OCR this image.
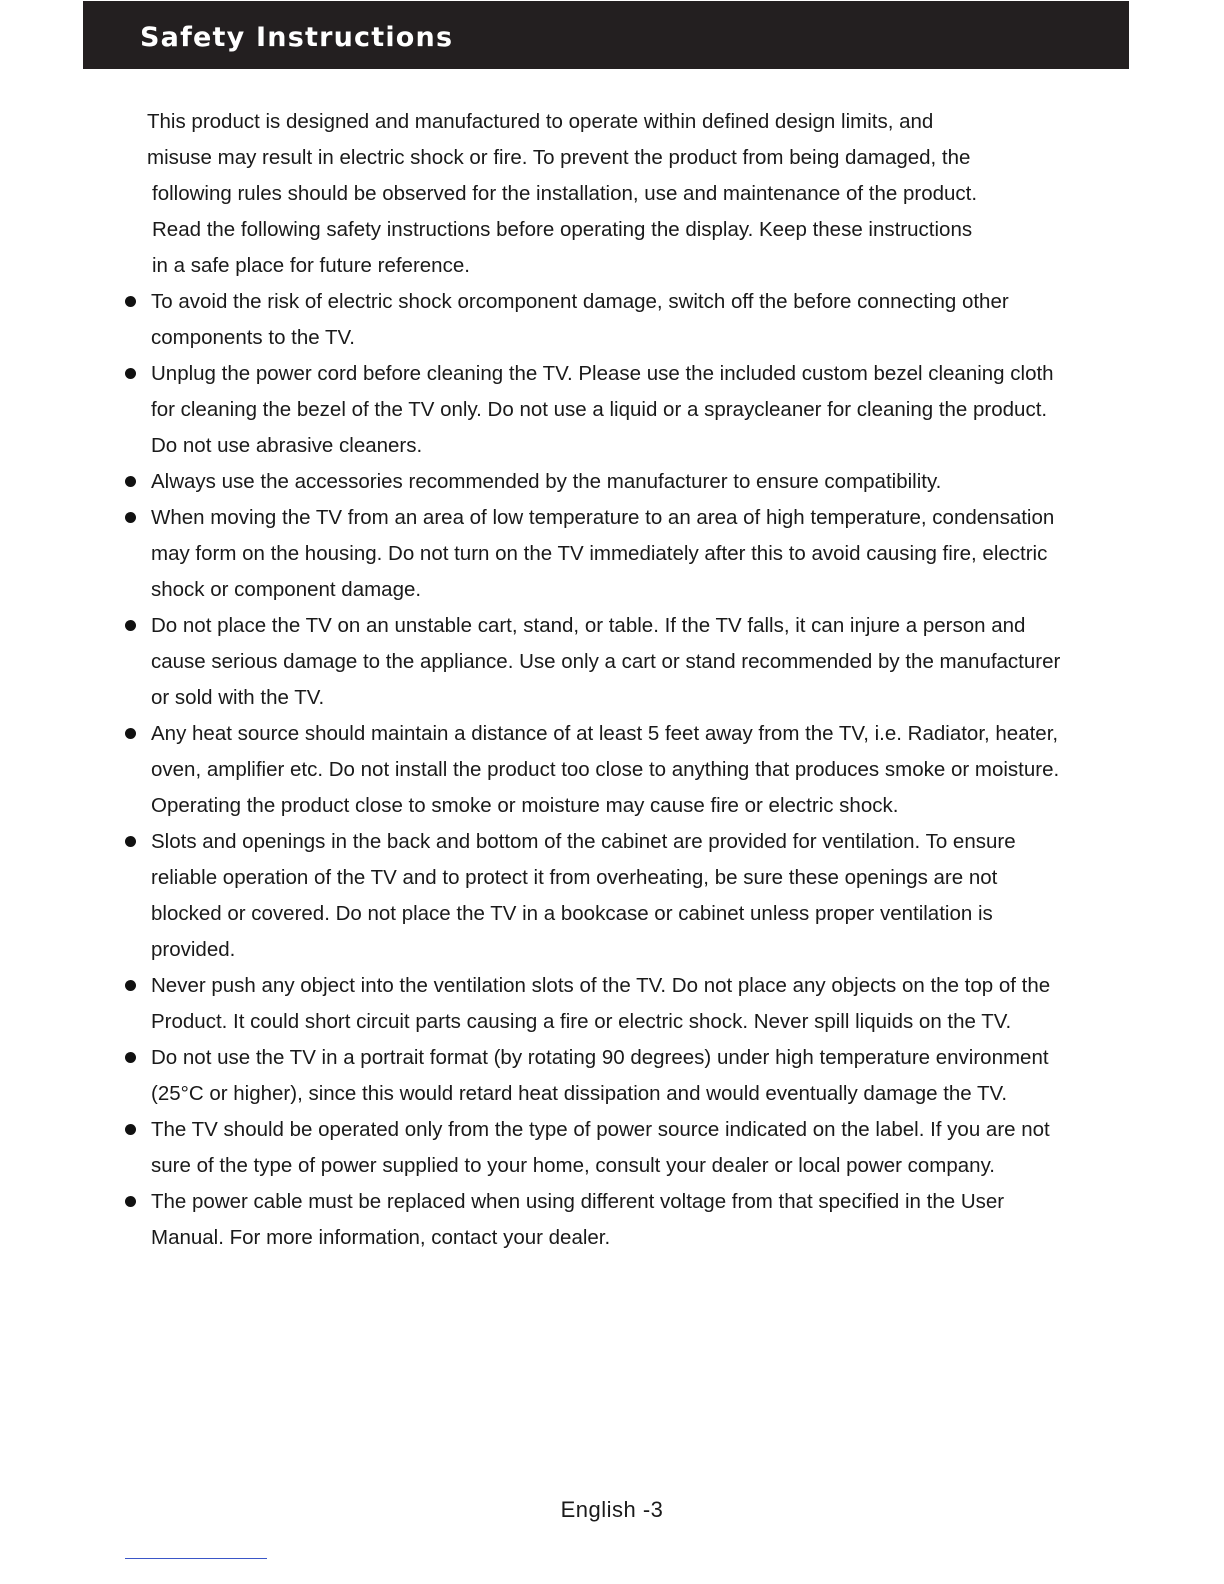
Safety Instructions

This product is designed and manufactured to operate within defined design limits, and
misuse may result in electric shock or fire. To prevent the product from being damaged, the
following rules should be observed for the installation, use and maintenance of the product.
Read the following safety instructions before operating the display. Keep these instructions
in a safe place for future reference.

To avoid the risk of electric shock orcomponent damage, switch off the before connecting other components to the TV.
Unplug the power cord before cleaning the TV. Please use the included custom bezel cleaning cloth for cleaning the bezel of the TV only. Do not use a liquid or a spraycleaner for cleaning the product. Do not use abrasive cleaners.
Always use the accessories recommended by the manufacturer to ensure compatibility.
When moving the TV from an area of low temperature to an area of high temperature, condensation may form on the housing. Do not turn on the TV immediately after this to avoid causing fire, electric shock or component damage.
Do not place the TV on an unstable cart, stand, or table. If the TV falls, it can injure a person and cause serious damage to the appliance. Use only a cart or stand recommended by the manufacturer or sold with the TV.
Any heat source should maintain a distance of at least 5 feet away from the TV, i.e. Radiator, heater, oven, amplifier etc. Do not install the product too close to anything that produces smoke or moisture. Operating the product close to smoke or moisture may cause fire or electric shock.
Slots and openings in the back and bottom of the cabinet are provided for ventilation. To ensure reliable operation of the TV and to protect it from overheating, be sure these openings are not blocked or covered. Do not place the TV in a bookcase or cabinet unless proper ventilation is provided.
Never push any object into the ventilation slots of the TV. Do not place any objects on the top of the Product. It could short circuit parts causing a fire or electric shock. Never spill liquids on the TV.
Do not use the TV in a portrait format (by rotating 90 degrees) under high temperature environment (25°C or higher), since this would retard heat dissipation and would eventually damage the TV.
The TV should be operated only from the type of power source indicated on the label. If you are not sure of the type of power supplied to your home, consult your dealer or local power company.
The power cable must be replaced when using different voltage from that specified in the User Manual. For more information, contact your dealer.
English -3
